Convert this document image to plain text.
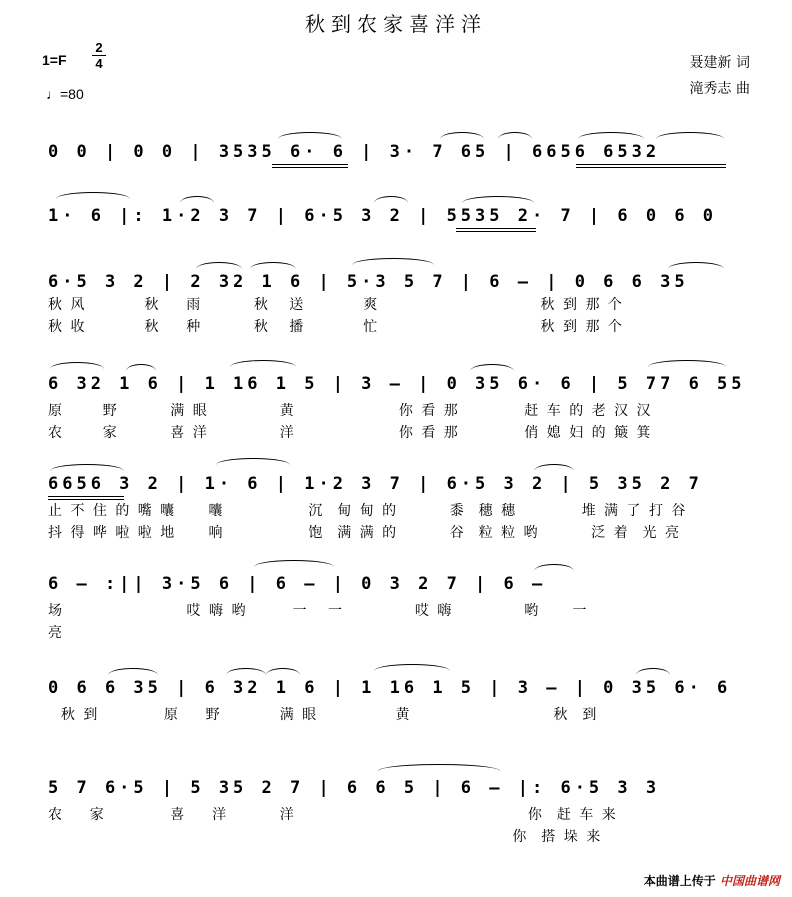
秋到农家喜洋洋
1=F
2
4
♩=80
聂建新 词
滝秀志 曲
0 0 | 0 0 | 3535 6· 6 | 3· 7 65 | 6656 6532
1· 6 |: 1·2 3 7 | 6·5 3 2 | 5535 2· 7 | 6 0 6 0
6·5 3 2 | 2 32 1 6 | 5·3 5 7 | 6 – | 0 6 6 35
秋 风         秋    雨        秋   送         爽                         秋 到 那 个
秋 收         秋    种        秋   播         忙                         秋 到 那 个
6 32 1 6 | 1 16 1 5 | 3 – | 0 35 6· 6 | 5 77 6 55
原      野        满 眼           黄                你 看 那          赶 车 的 老 汉 汉
农      家        喜 洋           洋                你 看 那          俏 媳 妇 的 簸 箕
6656 3 2 | 1· 6 | 1·2 3 7 | 6·5 3 2 | 5 35 2 7
止 不 住 的 嘴 囔     囔             沉  甸 甸 的        黍  穗 穗          堆 满 了 打 谷
抖 得 哗 啦 啦 地     响             饱  满 满 的        谷  粒 粒 哟        泛 着  光 亮
6 – :|| 3·5 6 | 6 – | 0 3 2 7 | 6 –
场                   哎 嗨 哟       一   一           哎 嗨           哟     一
亮
0 6 6 35 | 6 32 1 6 | 1 16 1 5 | 3 – | 0 35 6· 6
秋 到          原    野         满 眼            黄                      秋  到
5 7 6·5 | 5 35 2 7 | 6 6 5 | 6 – |: 6·5 3 3
农    家          喜    洋        洋                                    你  赶 车 来
你  搭 垛 来
本曲谱上传于 中国曲谱网
